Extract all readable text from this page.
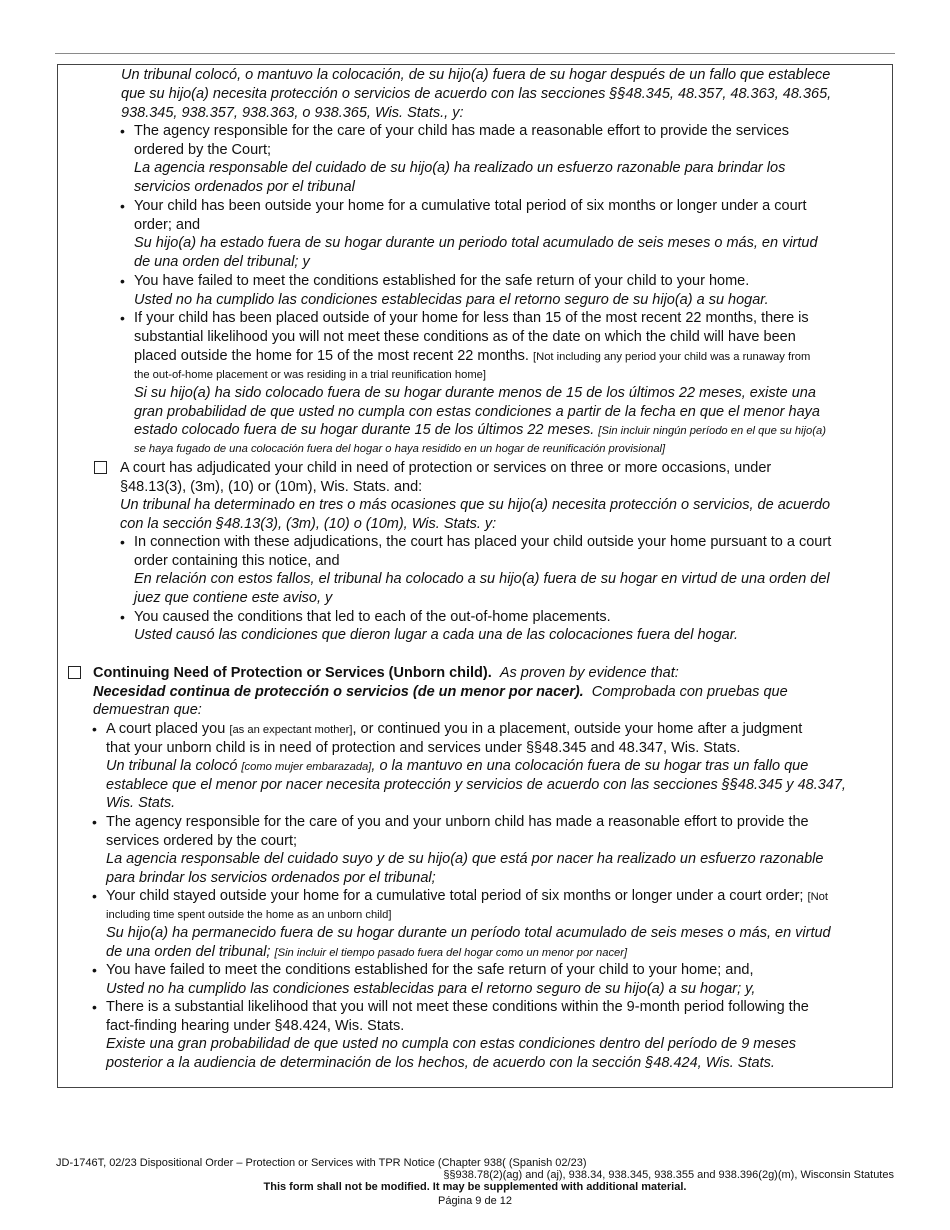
Un tribunal colocó, o mantuvo la colocación, de su hijo(a) fuera de su hogar después de un fallo que establece

que su hijo(a) necesita protección o servicios de acuerdo con las secciones §§48.345, 48.357, 48.363, 48.365,

938.345, 938.357, 938.363, o 938.365, Wis. Stats., y:

• The agency responsible for the care of your child has made a reasonable effort to provide the services

ordered by the Court;

La agencia responsable del cuidado de su hijo(a) ha realizado un esfuerzo razonable para brindar los

servicios ordenados por el tribunal

• Your child has been outside your home for a cumulative total period of six months or longer under a court

order; and

Su hijo(a) ha estado fuera de su hogar durante un periodo total acumulado de seis meses o más, en virtud

de una orden del tribunal; y

• You have failed to meet the conditions established for the safe return of your child to your home.

Usted no ha cumplido las condiciones establecidas para el retorno seguro de su hijo(a) a su hogar.

• If your child has been placed outside of your home for less than 15 of the most recent 22 months, there is

substantial likelihood you will not meet these conditions as of the date on which the child will have been

placed outside the home for 15 of the most recent 22 months. [Not including any period your child was a runaway from

the out-of-home placement or was residing in a trial reunification home]

Si su hijo(a) ha sido colocado fuera de su hogar durante menos de 15 de los últimos 22 meses, existe una

gran probabilidad de que usted no cumpla con estas condiciones a partir de la fecha en que el menor haya

estado colocado fuera de su hogar durante 15 de los últimos 22 meses. [Sin incluir ningún período en el que su hijo(a)

se haya fugado de una colocación fuera del hogar o haya residido en un hogar de reunificación provisional]

A court has adjudicated your child in need of protection or services on three or more occasions, under

§48.13(3), (3m), (10) or (10m), Wis. Stats. and:

Un tribunal ha determinado en tres o más ocasiones que su hijo(a) necesita protección o servicios, de acuerdo

con la sección §48.13(3), (3m), (10) o (10m), Wis. Stats. y:

• In connection with these adjudications, the court has placed your child outside your home pursuant to a court

order containing this notice, and

En relación con estos fallos, el tribunal ha colocado a su hijo(a) fuera de su hogar en virtud de una orden del

juez que contiene este aviso, y

• You caused the conditions that led to each of the out-of-home placements.

Usted causó las condiciones que dieron lugar a cada una de las colocaciones fuera del hogar.

Continuing Need of Protection or Services (Unborn child). As proven by evidence that:

Necesidad continua de protección o servicios (de un menor por nacer). Comprobada con pruebas que

demuestran que:

• A court placed you [as an expectant mother], or continued you in a placement, outside your home after a judgment

that your unborn child is in need of protection and services under §§48.345 and 48.347, Wis. Stats.

Un tribunal la colocó [como mujer embarazada], o la mantuvo en una colocación fuera de su hogar tras un fallo que

establece que el menor por nacer necesita protección y servicios de acuerdo con las secciones §§48.345 y 48.347,

Wis. Stats.

• The agency responsible for the care of you and your unborn child has made a reasonable effort to provide the

services ordered by the court;

La agencia responsable del cuidado suyo y de su hijo(a) que está por nacer ha realizado un esfuerzo razonable

para brindar los servicios ordenados por el tribunal;

• Your child stayed outside your home for a cumulative total period of six months or longer under a court order; [Not

including time spent outside the home as an unborn child]

Su hijo(a) ha permanecido fuera de su hogar durante un período total acumulado de seis meses o más, en virtud

de una orden del tribunal; [Sin incluir el tiempo pasado fuera del hogar como un menor por nacer]

• You have failed to meet the conditions established for the safe return of your child to your home; and,

Usted no ha cumplido las condiciones establecidas para el retorno seguro de su hijo(a) a su hogar; y,

• There is a substantial likelihood that you will not meet these conditions within the 9-month period following the

fact-finding hearing under §48.424, Wis. Stats.

Existe una gran probabilidad de que usted no cumpla con estas condiciones dentro del período de 9 meses

posterior a la audiencia de determinación de los hechos, de acuerdo con la sección §48.424, Wis. Stats.

JD-1746T, 02/23 Dispositional Order – Protection or Services with TPR Notice (Chapter 938( (Spanish 02/23)

§§938.78(2)(ag) and (aj), 938.34, 938.345, 938.355 and 938.396(2g)(m), Wisconsin Statutes

This form shall not be modified. It may be supplemented with additional material.

Página 9 de 12
